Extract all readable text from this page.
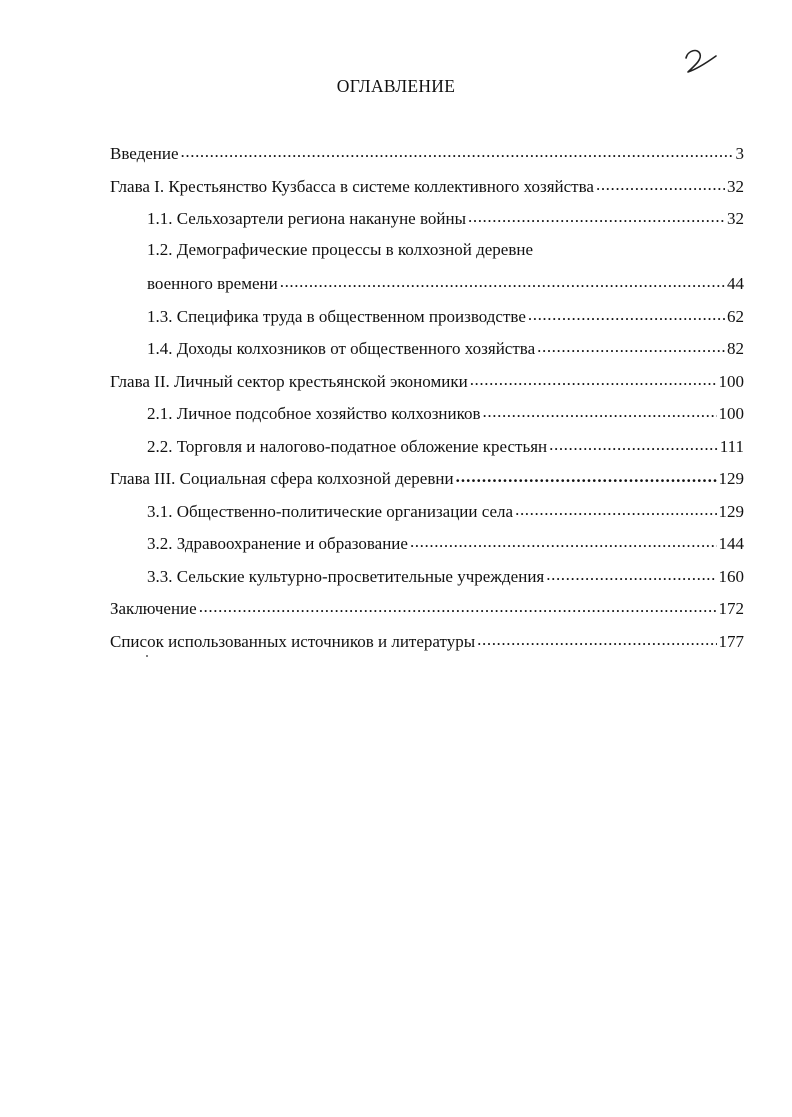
ОГЛАВЛЕНИЕ
Введение .....	3
Глава I. Крестьянство Кузбасса в системе коллективного хозяйства .....	32
1.1. Сельхозартели региона накануне войны .....	32
1.2. Демографические процессы в колхозной деревне
военного времени .....	44
1.3. Специфика труда в общественном производстве .....	62
1.4. Доходы колхозников от общественного хозяйства .....	82
Глава II. Личный сектор крестьянской экономики .....	100
2.1. Личное подсобное хозяйство колхозников .....	100
2.2. Торговля и налогово-податное обложение крестьян .....	111
Глава III. Социальная сфера колхозной деревни .....	129
3.1. Общественно-политические организации села .....	129
3.2. Здравоохранение и образование .....	144
3.3. Сельские культурно-просветительные учреждения .....	160
Заключение .....	172
Список использованных источников и литературы .....	177
